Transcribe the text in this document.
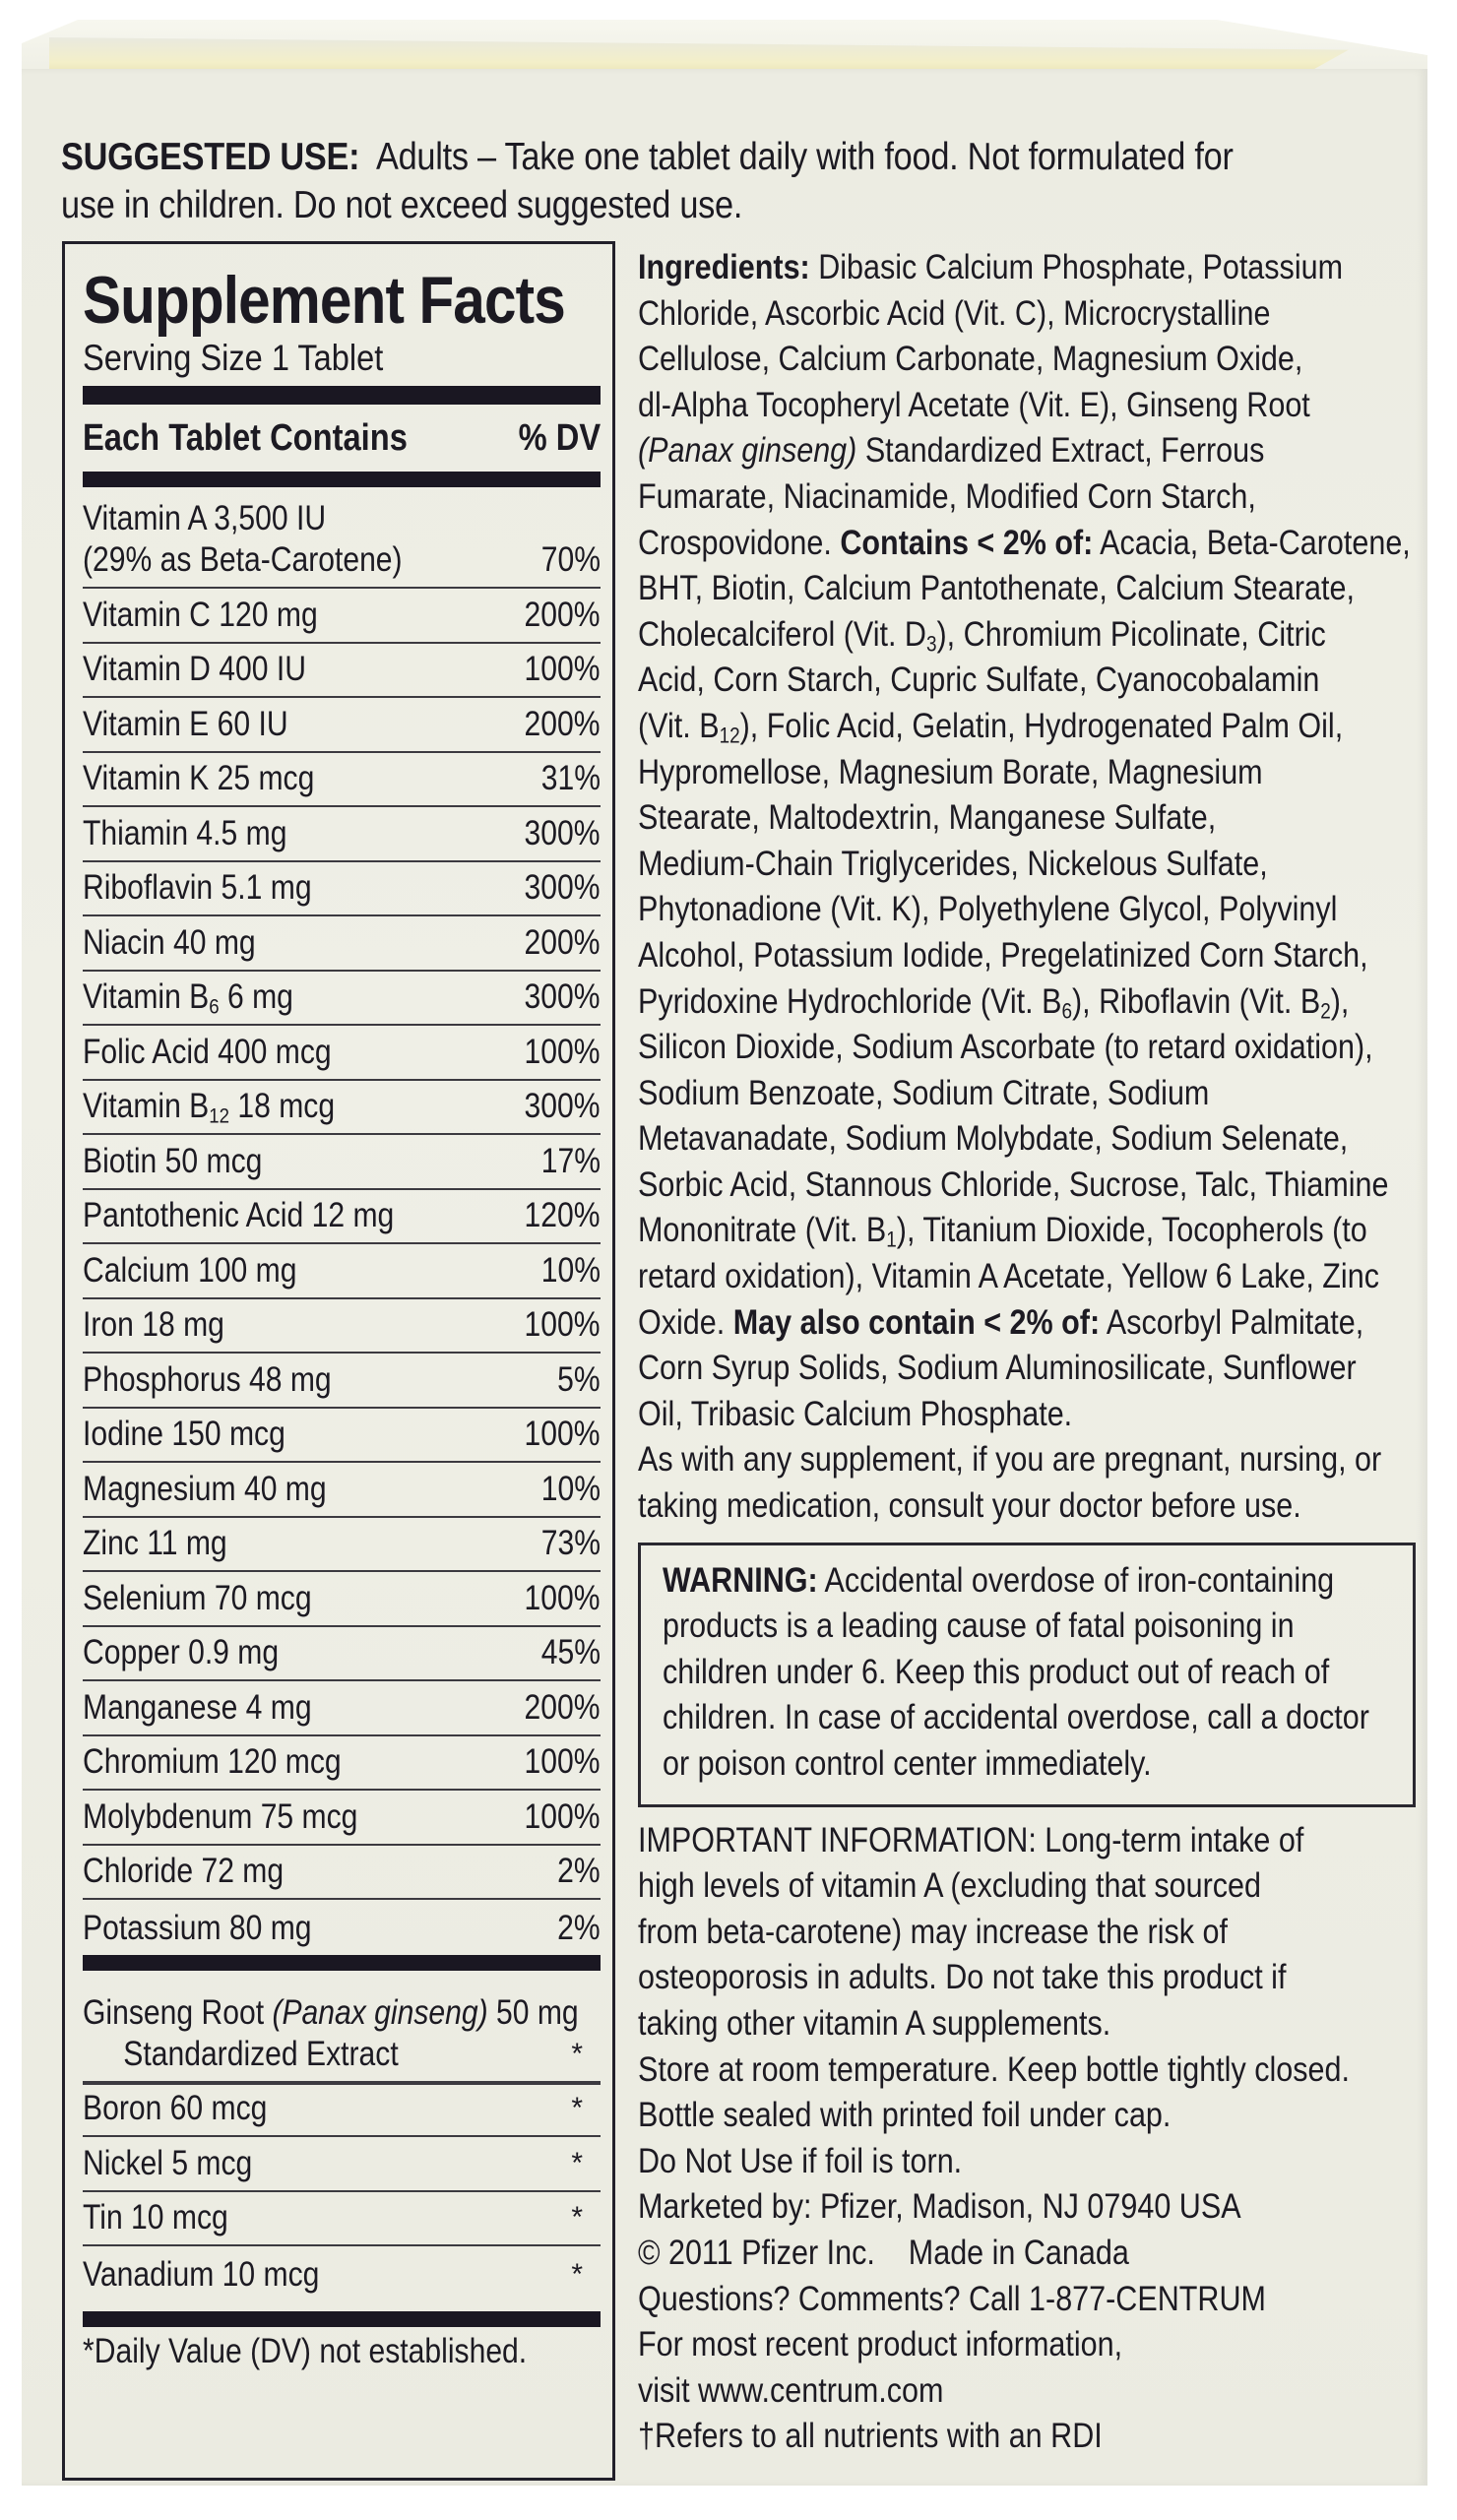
SUGGESTED USE: Adults – Take one tablet daily with food. Not formulated for
use in children. Do not exceed suggested use.
Supplement Facts
Serving Size 1 Tablet
Each Tablet Contains	% DV
Vitamin A 3,500 IU
(29% as Beta-Carotene)	70%
Vitamin C 120 mg	200%
Vitamin D 400 IU	100%
Vitamin E 60 IU	200%
Vitamin K 25 mcg	31%
Thiamin 4.5 mg	300%
Riboflavin 5.1 mg	300%
Niacin 40 mg	200%
Vitamin $B_6$ 6 mg	300%
Folic Acid 400 mcg	100%
Vitamin $B_{12}$ 18 mcg	300%
Biotin 50 mcg	17%
Pantothenic Acid 12 mg	120%
Calcium 100 mg	10%
Iron 18 mg	100%
Phosphorus 48 mg	5%
Iodine 150 mcg	100%
Magnesium 40 mg	10%
Zinc 11 mg	73%
Selenium 70 mcg	100%
Copper 0.9 mg	45%
Manganese 4 mg	200%
Chromium 120 mcg	100%
Molybdenum 75 mcg	100%
Chloride 72 mg	2%
Potassium 80 mg	2%
Ginseng Root (Panax ginseng) 50 mg
Standardized Extract	*
Boron 60 mcg	*
Nickel 5 mcg	*
Tin 10 mcg	*
Vanadium 10 mcg	*
*Daily Value (DV) not established.
Ingredients: Dibasic Calcium Phosphate, Potassium
Chloride, Ascorbic Acid (Vit. C), Microcrystalline
Cellulose, Calcium Carbonate, Magnesium Oxide,
dl-Alpha Tocopheryl Acetate (Vit. E), Ginseng Root
(Panax ginseng) Standardized Extract, Ferrous
Fumarate, Niacinamide, Modified Corn Starch,
Crospovidone. Contains < 2% of: Acacia, Beta-Carotene,
BHT, Biotin, Calcium Pantothenate, Calcium Stearate,
Cholecalciferol (Vit. $D_3$), Chromium Picolinate, Citric
Acid, Corn Starch, Cupric Sulfate, Cyanocobalamin
(Vit. $B_{12}$), Folic Acid, Gelatin, Hydrogenated Palm Oil,
Hypromellose, Magnesium Borate, Magnesium
Stearate, Maltodextrin, Manganese Sulfate,
Medium-Chain Triglycerides, Nickelous Sulfate,
Phytonadione (Vit. K), Polyethylene Glycol, Polyvinyl
Alcohol, Potassium Iodide, Pregelatinized Corn Starch,
Pyridoxine Hydrochloride (Vit. $B_6$), Riboflavin (Vit. $B_2$),
Silicon Dioxide, Sodium Ascorbate (to retard oxidation),
Sodium Benzoate, Sodium Citrate, Sodium
Metavanadate, Sodium Molybdate, Sodium Selenate,
Sorbic Acid, Stannous Chloride, Sucrose, Talc, Thiamine
Mononitrate (Vit. $B_1$), Titanium Dioxide, Tocopherols (to
retard oxidation), Vitamin A Acetate, Yellow 6 Lake, Zinc
Oxide. May also contain < 2% of: Ascorbyl Palmitate,
Corn Syrup Solids, Sodium Aluminosilicate, Sunflower
Oil, Tribasic Calcium Phosphate.
As with any supplement, if you are pregnant, nursing, or
taking medication, consult your doctor before use.
WARNING: Accidental overdose of iron-containing
products is a leading cause of fatal poisoning in
children under 6. Keep this product out of reach of
children. In case of accidental overdose, call a doctor
or poison control center immediately.
IMPORTANT INFORMATION: Long-term intake of
high levels of vitamin A (excluding that sourced
from beta-carotene) may increase the risk of
osteoporosis in adults. Do not take this product if
taking other vitamin A supplements.
Store at room temperature. Keep bottle tightly closed.
Bottle sealed with printed foil under cap.
Do Not Use if foil is torn.
Marketed by: Pfizer, Madison, NJ 07940 USA
© 2011 Pfizer Inc. Made in Canada
Questions? Comments? Call 1-877-CENTRUM
For most recent product information,
visit www.centrum.com
†Refers to all nutrients with an RDI
